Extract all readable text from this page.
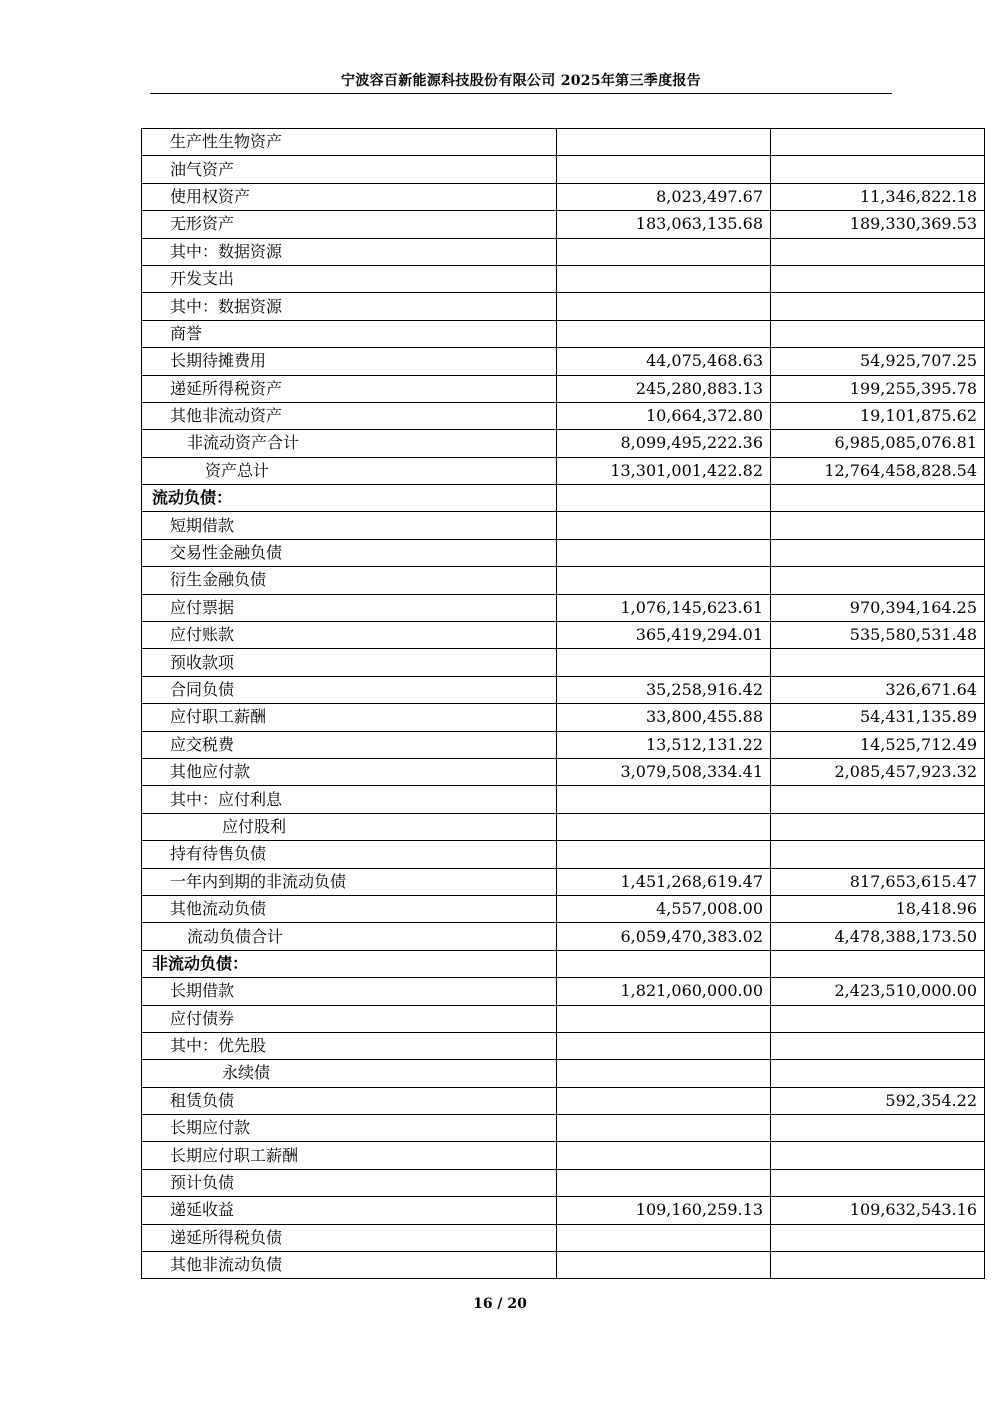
宁波容百新能源科技股份有限公司 2025年第三季度报告
生产性生物资产		
油气资产		
使用权资产	8,023,497.67	11,346,822.18
无形资产	183,063,135.68	189,330,369.53
其中：数据资源		
开发支出		
其中：数据资源		
商誉		
长期待摊费用	44,075,468.63	54,925,707.25
递延所得税资产	245,280,883.13	199,255,395.78
其他非流动资产	10,664,372.80	19,101,875.62
非流动资产合计	8,099,495,222.36	6,985,085,076.81
资产总计	13,301,001,422.82	12,764,458,828.54
流动负债：		
短期借款		
交易性金融负债		
衍生金融负债		
应付票据	1,076,145,623.61	970,394,164.25
应付账款	365,419,294.01	535,580,531.48
预收款项		
合同负债	35,258,916.42	326,671.64
应付职工薪酬	33,800,455.88	54,431,135.89
应交税费	13,512,131.22	14,525,712.49
其他应付款	3,079,508,334.41	2,085,457,923.32
其中：应付利息		
应付股利		
持有待售负债		
一年内到期的非流动负债	1,451,268,619.47	817,653,615.47
其他流动负债	4,557,008.00	18,418.96
流动负债合计	6,059,470,383.02	4,478,388,173.50
非流动负债：		
长期借款	1,821,060,000.00	2,423,510,000.00
应付债券		
其中：优先股		
永续债		
租赁负债		592,354.22
长期应付款		
长期应付职工薪酬		
预计负债		
递延收益	109,160,259.13	109,632,543.16
递延所得税负债		
其他非流动负债		
16 / 20
